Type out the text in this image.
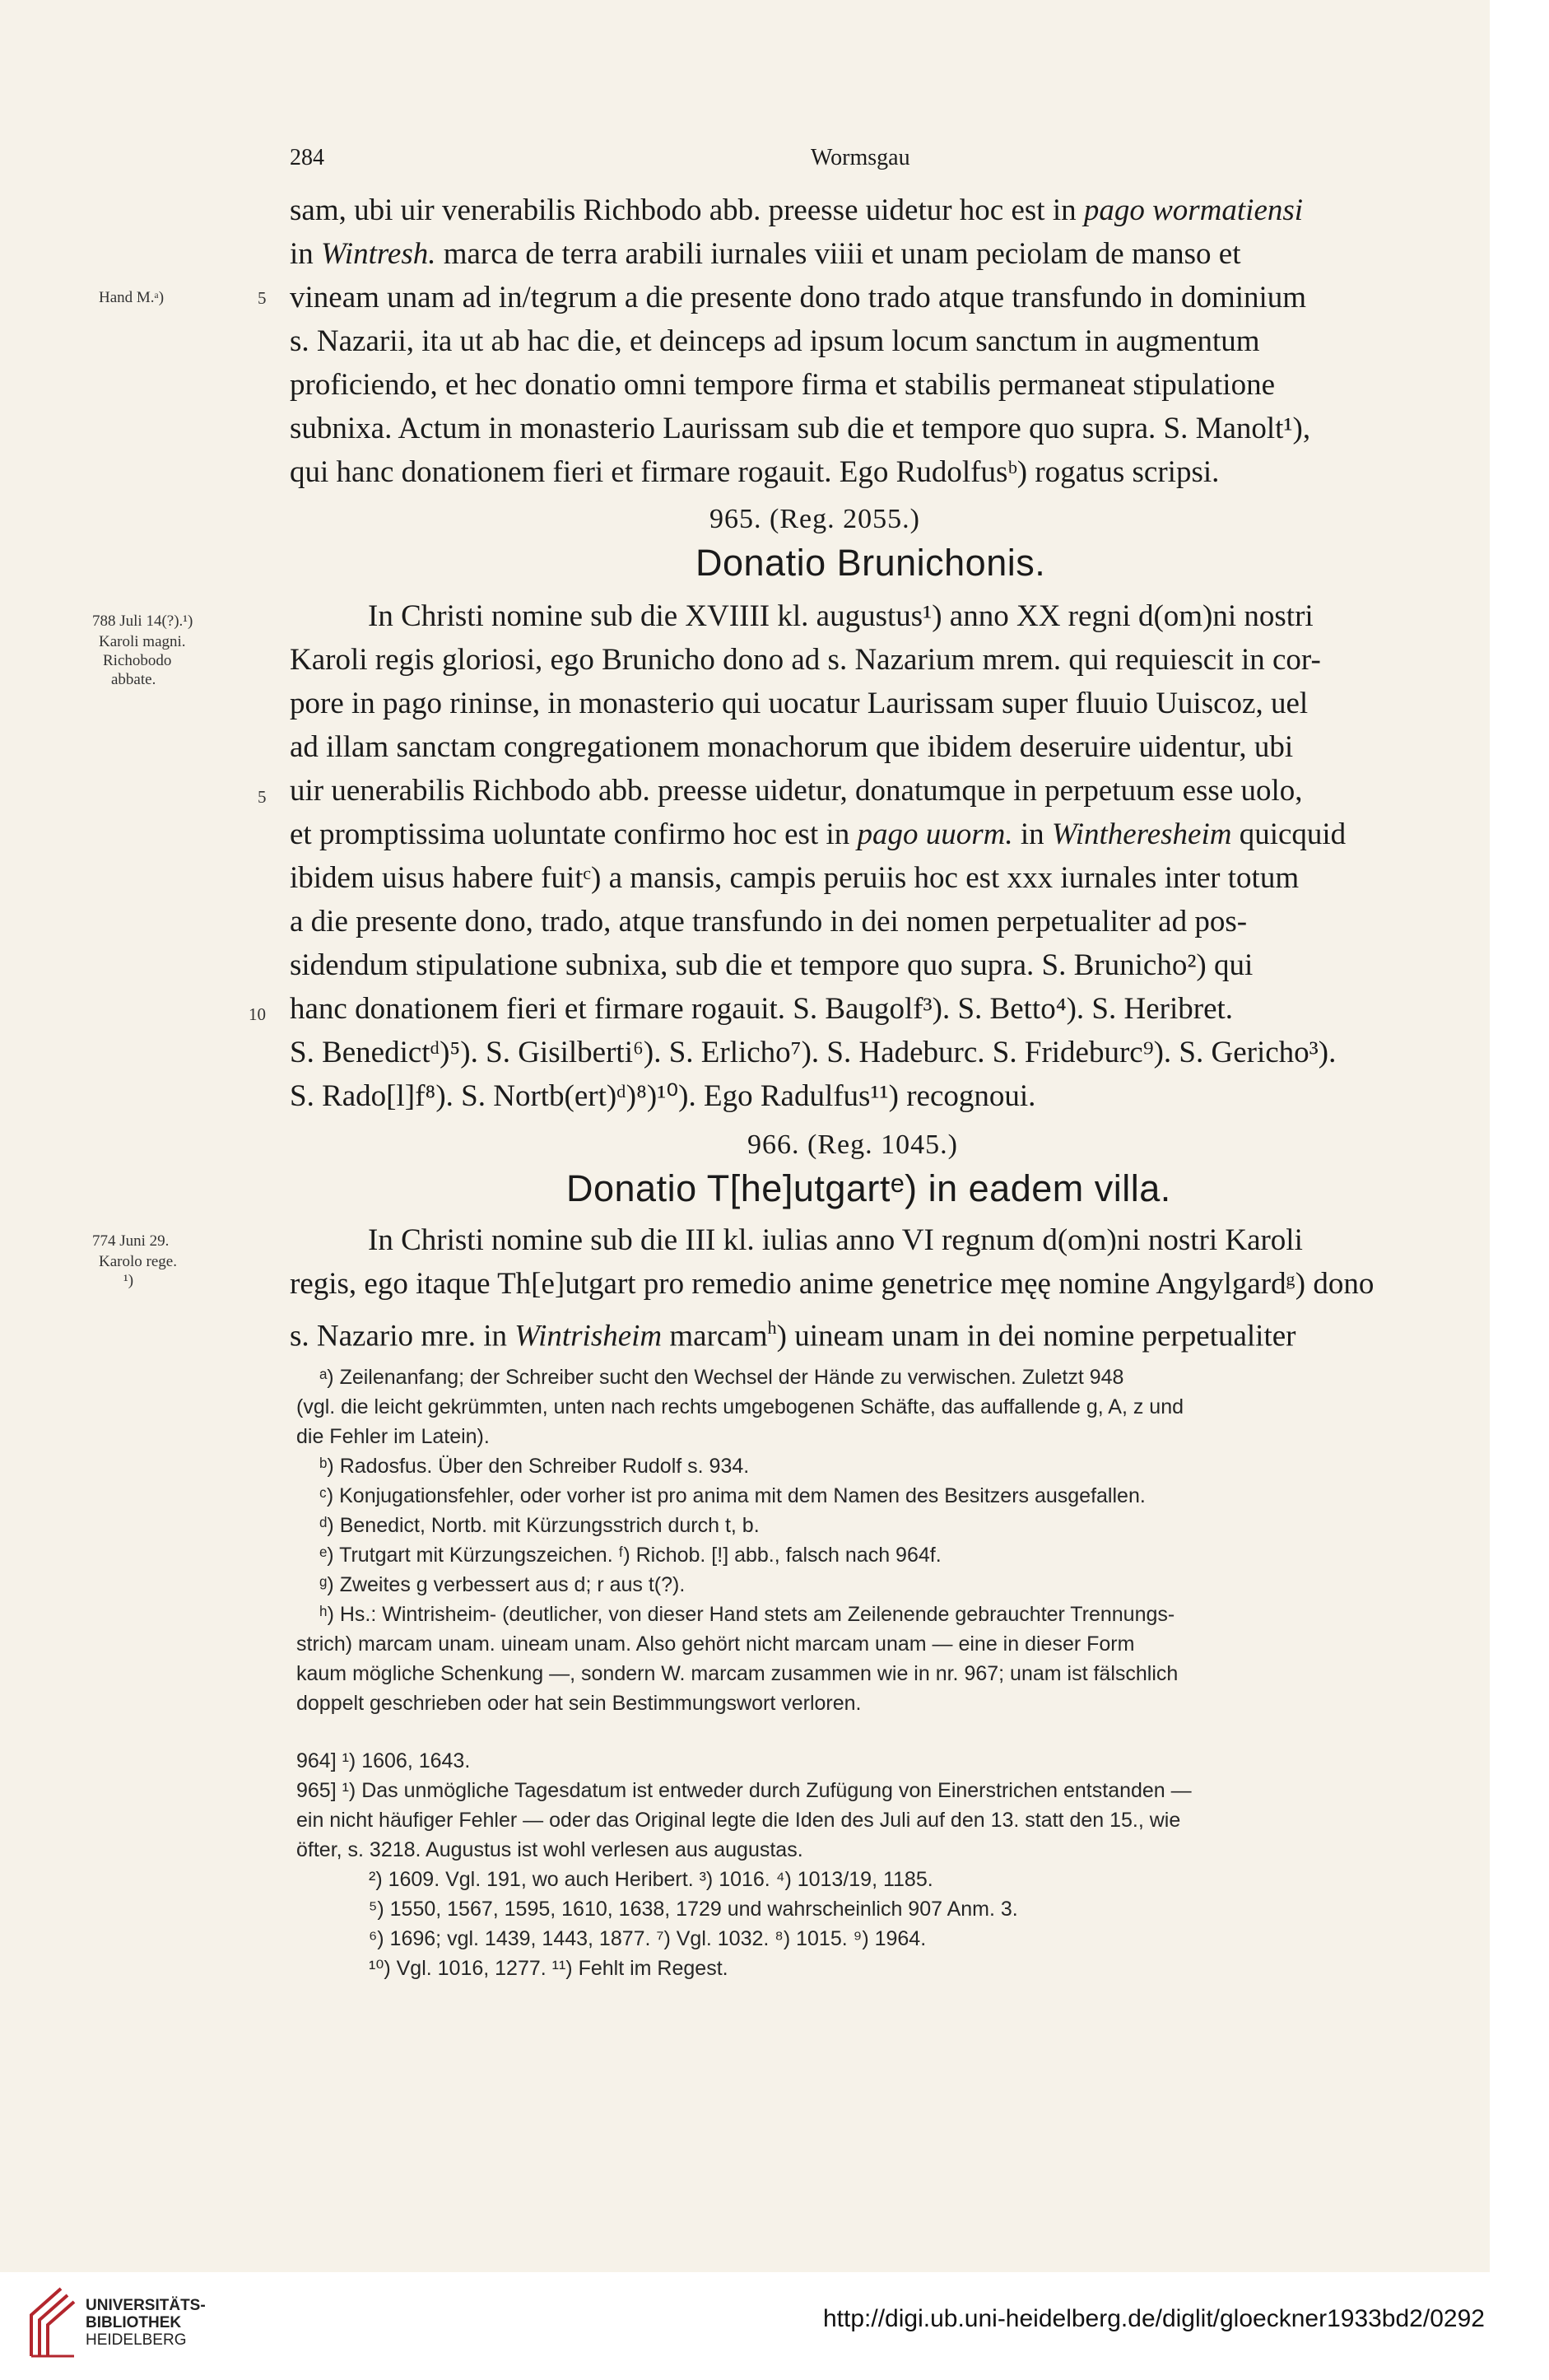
284	Wormsgau
sam, ubi uir venerabilis Richbodo abb. preesse uidetur hoc est in pago wormatiensi
in Wintresh. marca de terra arabili iurnales viiii et unam peciolam de manso et
vineam unam ad in/tegrum a die presente dono trado atque transfundo in dominium
s. Nazarii, ita ut ab hac die, et deinceps ad ipsum locum sanctum in augmentum
proficiendo, et hec donatio omni tempore firma et stabilis permaneat stipulatione
subnixa. Actum in monasterio Laurissam sub die et tempore quo supra. S. Manolt¹),
qui hanc donationem fieri et firmare rogauit. Ego Rudolfusᵇ) rogatus scripsi.
Hand M.ᵃ)	5
965. (Reg. 2055.)
Donatio Brunichonis.
788 Juli 14(?).¹)
Karoli magni.
Richobodo
abbate.
In Christi nomine sub die XVIIII kl. augustus¹) anno XX regni d(om)ni nostri
Karoli regis gloriosi, ego Brunicho dono ad s. Nazarium mrem. qui requiescit in cor-
pore in pago rininse, in monasterio qui uocatur Laurissam super fluuio Uuiscoz, uel
ad illam sanctam congregationem monachorum que ibidem deseruire uidentur, ubi
uir uenerabilis Richbodo abb. preesse uidetur, donatumque in perpetuum esse uolo,
et promptissima uoluntate confirmo hoc est in pago uuorm. in Wintheresheim quicquid
ibidem uisus habere fuitᶜ) a mansis, campis peruiis hoc est xxx iurnales inter totum
a die presente dono, trado, atque transfundo in dei nomen perpetualiter ad pos-
sidendum stipulatione subnixa, sub die et tempore quo supra. S. Brunicho²) qui
hanc donationem fieri et firmare rogauit. S. Baugolf³). S. Betto⁴). S. Heribret.
S. Benedictᵈ)⁵). S. Gisilberti⁶). S. Erlicho⁷). S. Hadeburc. S. Frideburc⁹). S. Gericho³).
S. Rado[l]f⁸). S. Nortb(ert)ᵈ)⁸)¹⁰). Ego Radulfus¹¹) recognoui.
5
10
966. (Reg. 1045.)
Donatio T[he]utgartᵉ) in eadem villa.
774 Juni 29.
Karolo rege.
¹)
In Christi nomine sub die III kl. iulias anno VI regnum d(om)ni nostri Karoli
regis, ego itaque Th[e]utgart pro remedio anime genetrice męę nomine Angylgardᵍ) dono
s. Nazario mre. in Wintrisheim marcam$^h$) uineam unam in dei nomine perpetualiter
ᵃ) Zeilenanfang; der Schreiber sucht den Wechsel der Hände zu verwischen. Zuletzt 948
(vgl. die leicht gekrümmten, unten nach rechts umgebogenen Schäfte, das auffallende g, A, z und
die Fehler im Latein).
ᵇ) Radosfus. Über den Schreiber Rudolf s. 934.
ᶜ) Konjugationsfehler, oder vorher ist pro anima mit dem Namen des Besitzers ausgefallen.
ᵈ) Benedict, Nortb. mit Kürzungsstrich durch t, b.
ᵉ) Trutgart mit Kürzungszeichen. ᶠ) Richob. [!] abb., falsch nach 964f.
ᵍ) Zweites g verbessert aus d; r aus t(?).
ʰ) Hs.: Wintrisheim- (deutlicher, von dieser Hand stets am Zeilenende gebrauchter Trennungs-
strich) marcam unam. uineam unam. Also gehört nicht marcam unam — eine in dieser Form
kaum mögliche Schenkung —, sondern W. marcam zusammen wie in nr. 967; unam ist fälschlich
doppelt geschrieben oder hat sein Bestimmungswort verloren.
964] ¹) 1606, 1643.
965] ¹) Das unmögliche Tagesdatum ist entweder durch Zufügung von Einerstrichen entstanden —
ein nicht häufiger Fehler — oder das Original legte die Iden des Juli auf den 13. statt den 15., wie
öfter, s. 3218. Augustus ist wohl verlesen aus augustas.
²) 1609. Vgl. 191, wo auch Heribert. ³) 1016. ⁴) 1013/19, 1185.
⁵) 1550, 1567, 1595, 1610, 1638, 1729 und wahrscheinlich 907 Anm. 3.
⁶) 1696; vgl. 1439, 1443, 1877. ⁷) Vgl. 1032. ⁸) 1015. ⁹) 1964.
¹⁰) Vgl. 1016, 1277. ¹¹) Fehlt im Regest.
UNIVERSITÄTS-
BIBLIOTHEK
HEIDELBERG
http://digi.ub.uni-heidelberg.de/diglit/gloeckner1933bd2/0292
